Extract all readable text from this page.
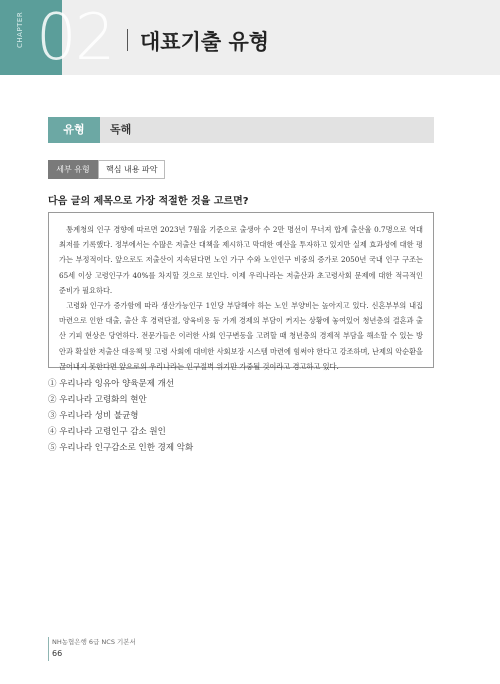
CHAPTER 02 대표기출 유형
유형	독해
세부 유형	핵심 내용 파악
다음 글의 제목으로 가장 적절한 것을 고르면?

통계청의 인구 경향에 따르면 2023년 7월을 기준으로 출생아 수 2만 명선이 무너져 합계 출산율 0.7명으로 역대 최저를 기록했다. 정부에서는 수많은 저출산 대책을 제시하고 막대한 예산을 투자하고 있지만 실제 효과성에 대한 평가는 부정적이다. 앞으로도 저출산이 지속된다면 노인 가구 수와 노인인구 비중의 증가로 2050년 국내 인구 구조는 65세 이상 고령인구가 40%를 차지할 것으로 보인다. 이제 우리나라는 저출산과 초고령사회 문제에 대한 적극적인 준비가 필요하다.

고령화 인구가 증가함에 따라 생산가능인구 1인당 부담해야 하는 노인 부양비는 높아지고 있다. 신혼부부의 내집 마련으로 인한 대출, 출산 후 경력단절, 양육비용 등 가계 경제의 부담이 커지는 상황에 놓여있어 청년층의 결혼과 출산 기피 현상은 당연하다. 전문가들은 이러한 사회 인구변동을 고려할 때 청년층의 경제적 부담을 해소할 수 있는 방안과 확실한 저출산 대응책 및 고령 사회에 대비한 사회보장 시스템 마련에 힘써야 한다고 강조하며, 난제의 악순환을 끊어내지 못한다면 앞으로의 우리나라는 인구절벽 위기만 가중될 것이라고 경고하고 있다.

① 우리나라 잉유아 양육문제 개선
② 우리나라 고령화의 현안
③ 우리나라 성비 불균형
④ 우리나라 고령인구 감소 원인
⑤ 우리나라 인구감소로 인한 경제 악화
NH농협은행 6급 NCS 기본서
66
